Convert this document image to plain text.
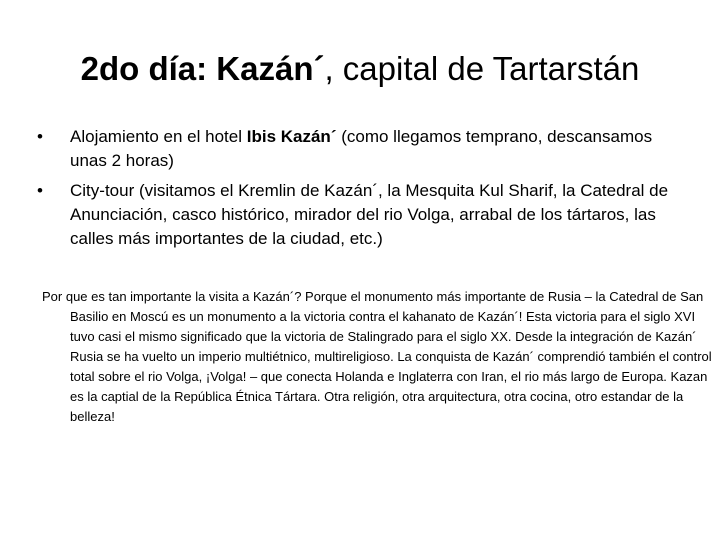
2do día: Kazán´, capital de Tartarstán
•	Alojamiento en el hotel Ibis Kazán´ (como llegamos temprano, descansamos unas 2 horas)
•	City-tour (visitamos el Kremlin de Kazán´, la Mesquita Kul Sharif, la Catedral de Anunciación, casco histórico, mirador del rio Volga, arrabal de los tártaros, las calles más importantes de la ciudad, etc.)

Por que es tan importante la visita a Kazán´? Porque el monumento más importante de Rusia – la Catedral de San Basilio en Moscú es un monumento a la victoria contra el kahanato de Kazán´! Esta victoria para el siglo XVI tuvo casi el mismo significado que la victoria de Stalingrado para el siglo XX. Desde la integración de Kazán´ Rusia se ha vuelto un imperio multiétnico, multireligioso. La conquista de Kazán´ comprendió también el control total sobre el rio Volga, ¡Volga! – que conecta Holanda e Inglaterra con Iran, el rio más largo de Europa. Kazan es la captial de la República Étnica Tártara. Otra religión, otra arquitectura, otra cocina, otro estandar de la belleza!
